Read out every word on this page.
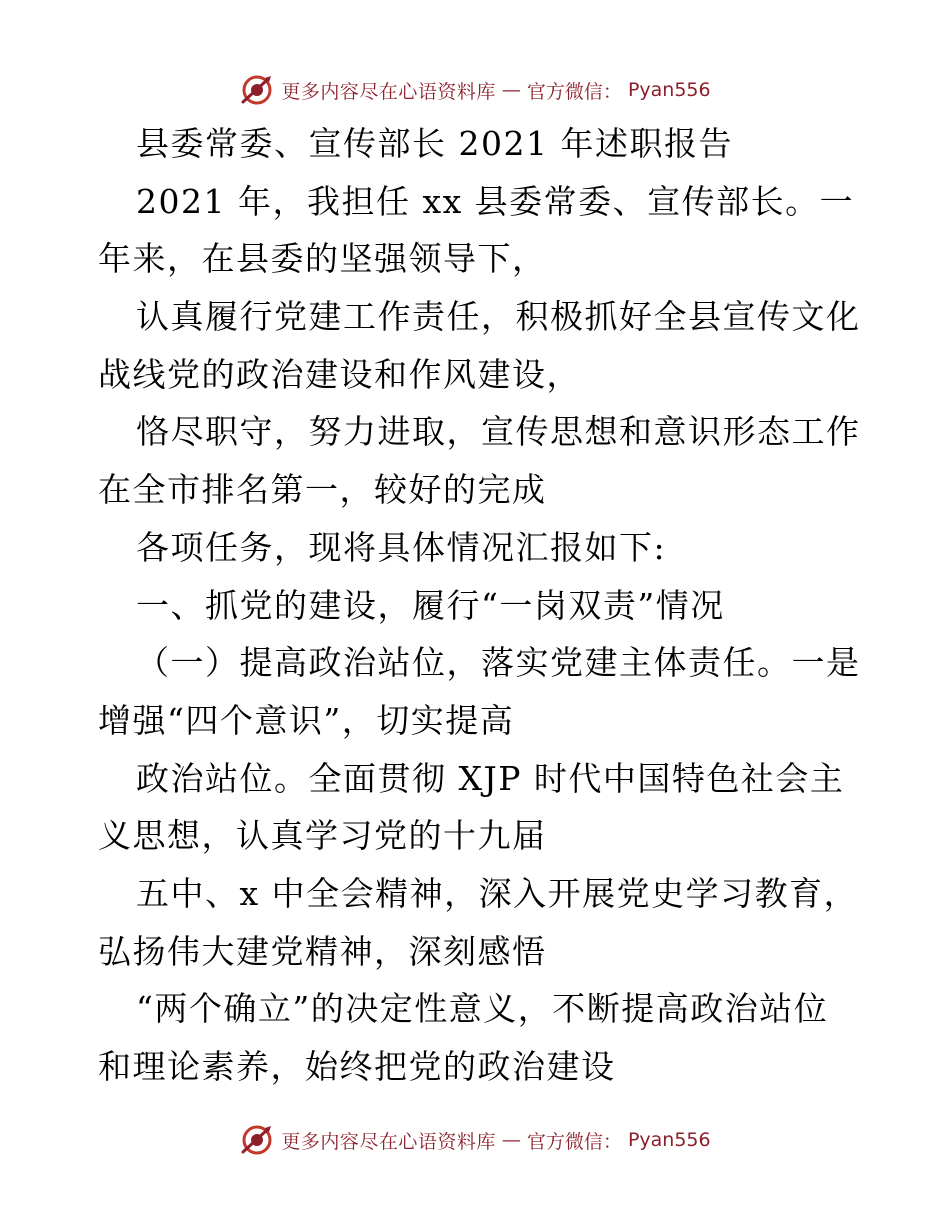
更多内容尽在心语资料库 — 官方微信： Pyan556
县委常委、宣传部长 2021 年述职报告
2021 年，我担任 xx 县委常委、宣传部长。一
年来，在县委的坚强领导下，
认真履行党建工作责任，积极抓好全县宣传文化
战线党的政治建设和作风建设，
恪尽职守，努力进取，宣传思想和意识形态工作
在全市排名第一，较好的完成
各项任务，现将具体情况汇报如下:
一、抓党的建设，履行“一岗双责”情况
（一）提高政治站位，落实党建主体责任。一是
增强“四个意识”，切实提高
政治站位。全面贯彻 XJP 时代中国特色社会主
义思想，认真学习党的十九届
五中、x 中全会精神，深入开展党史学习教育，
弘扬伟大建党精神，深刻感悟
“两个确立”的决定性意义，不断提高政治站位
和理论素养，始终把党的政治建设
更多内容尽在心语资料库 — 官方微信： Pyan556
